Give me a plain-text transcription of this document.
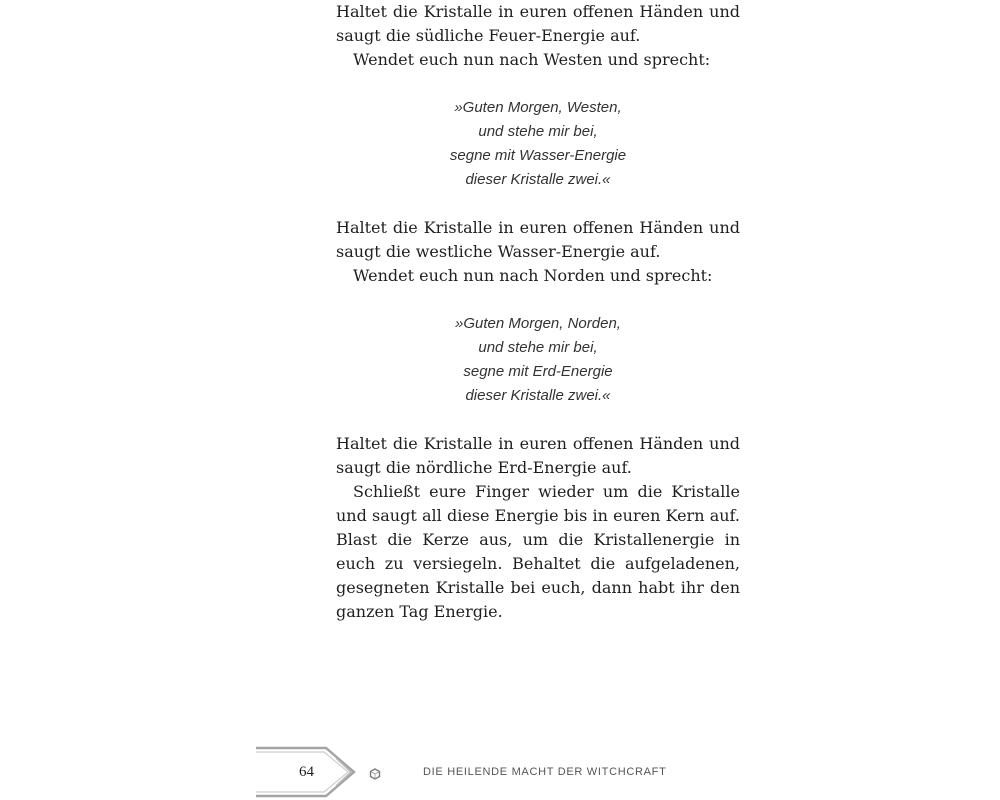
Haltet die Kristalle in euren offenen Händen und saugt die südliche Feuer-Energie auf.

Wendet euch nun nach Westen und sprecht:

»Guten Morgen, Westen,
und stehe mir bei,
segne mit Wasser-Energie
dieser Kristalle zwei.«

Haltet die Kristalle in euren offenen Händen und saugt die westliche Wasser-Energie auf.

Wendet euch nun nach Norden und sprecht:

»Guten Morgen, Norden,
und stehe mir bei,
segne mit Erd-Energie
dieser Kristalle zwei.«

Haltet die Kristalle in euren offenen Händen und saugt die nördliche Erd-Energie auf.

Schließt eure Finger wieder um die Kristalle und saugt all diese Energie bis in euren Kern auf. Blast die Kerze aus, um die Kristallenergie in euch zu versiegeln. Behaltet die aufgeladenen, gesegneten Kristalle bei euch, dann habt ihr den ganzen Tag Energie.

64	DIE HEILENDE MACHT DER WITCHCRAFT
